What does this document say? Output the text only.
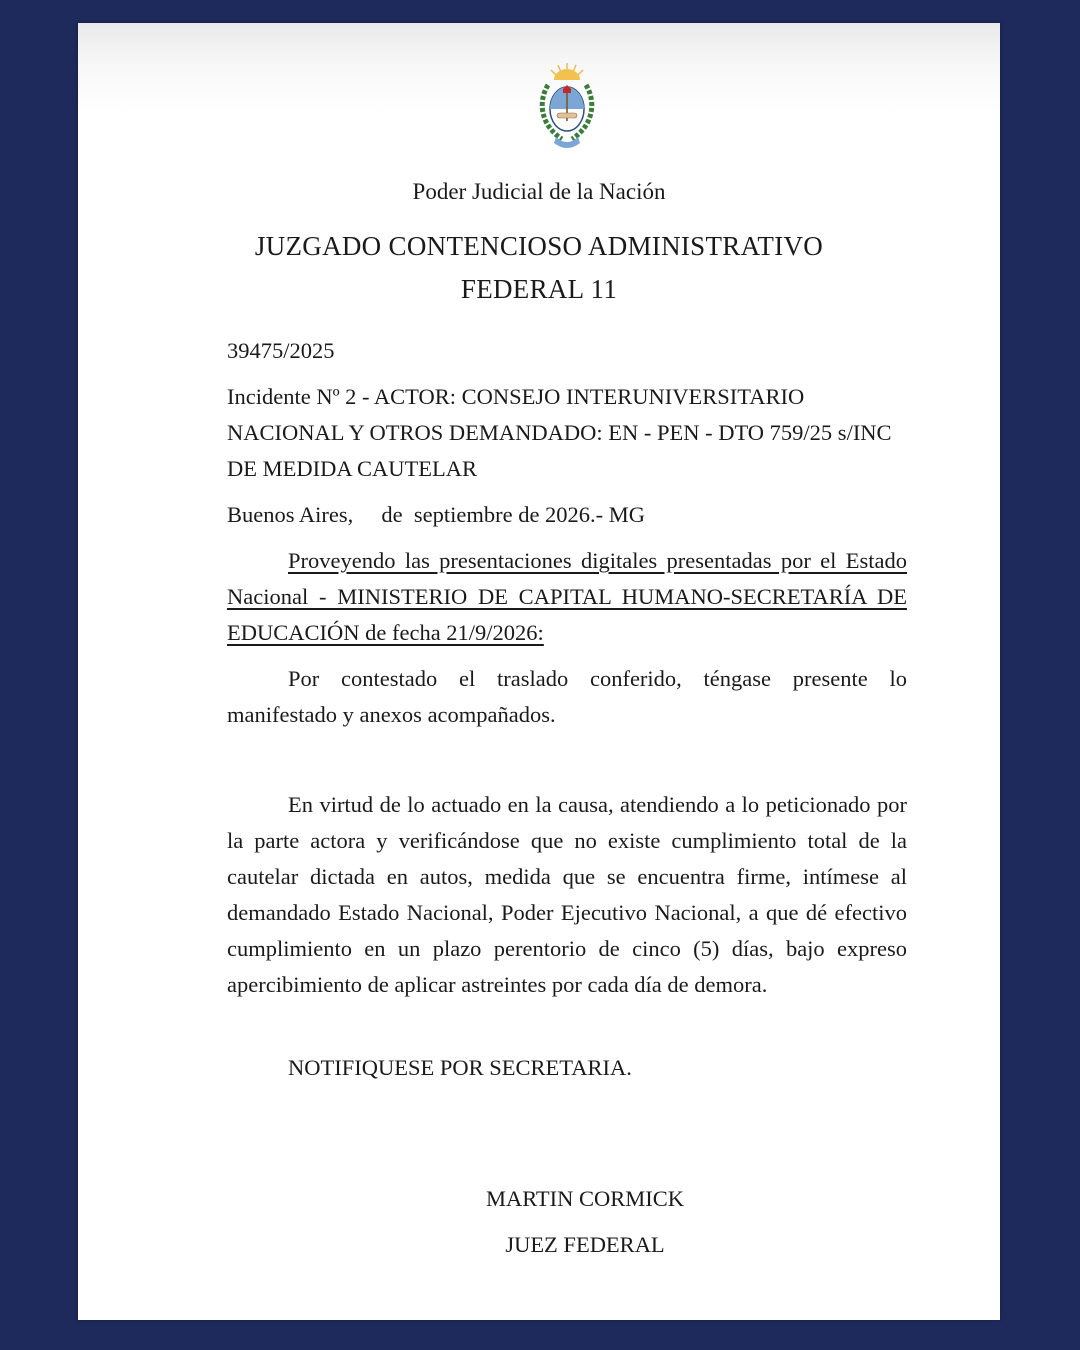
Poder Judicial de la Nación
JUZGADO CONTENCIOSO ADMINISTRATIVO
FEDERAL 11
39475/2025
Incidente Nº 2 - ACTOR: CONSEJO INTERUNIVERSITARIO NACIONAL Y OTROS DEMANDADO: EN - PEN - DTO 759/25 s/INC DE MEDIDA CAUTELAR
Buenos Aires,     de  septiembre de 2026.- MG
Proveyendo las presentaciones digitales presentadas por el Estado Nacional - MINISTERIO DE CAPITAL HUMANO-SECRETARÍA DE EDUCACIÓN de fecha 21/9/2026:
Por contestado el traslado conferido, téngase presente lo manifestado y anexos acompañados.
En virtud de lo actuado en la causa, atendiendo a lo peticionado por la parte actora y verificándose que no existe cumplimiento total de la cautelar dictada en autos, medida que se encuentra firme, intímese al demandado Estado Nacional, Poder Ejecutivo Nacional, a que dé efectivo cumplimiento en un plazo perentorio de cinco (5) días, bajo expreso apercibimiento de aplicar astreintes por cada día de demora.
NOTIFIQUESE POR SECRETARIA.
MARTIN CORMICK
JUEZ FEDERAL
